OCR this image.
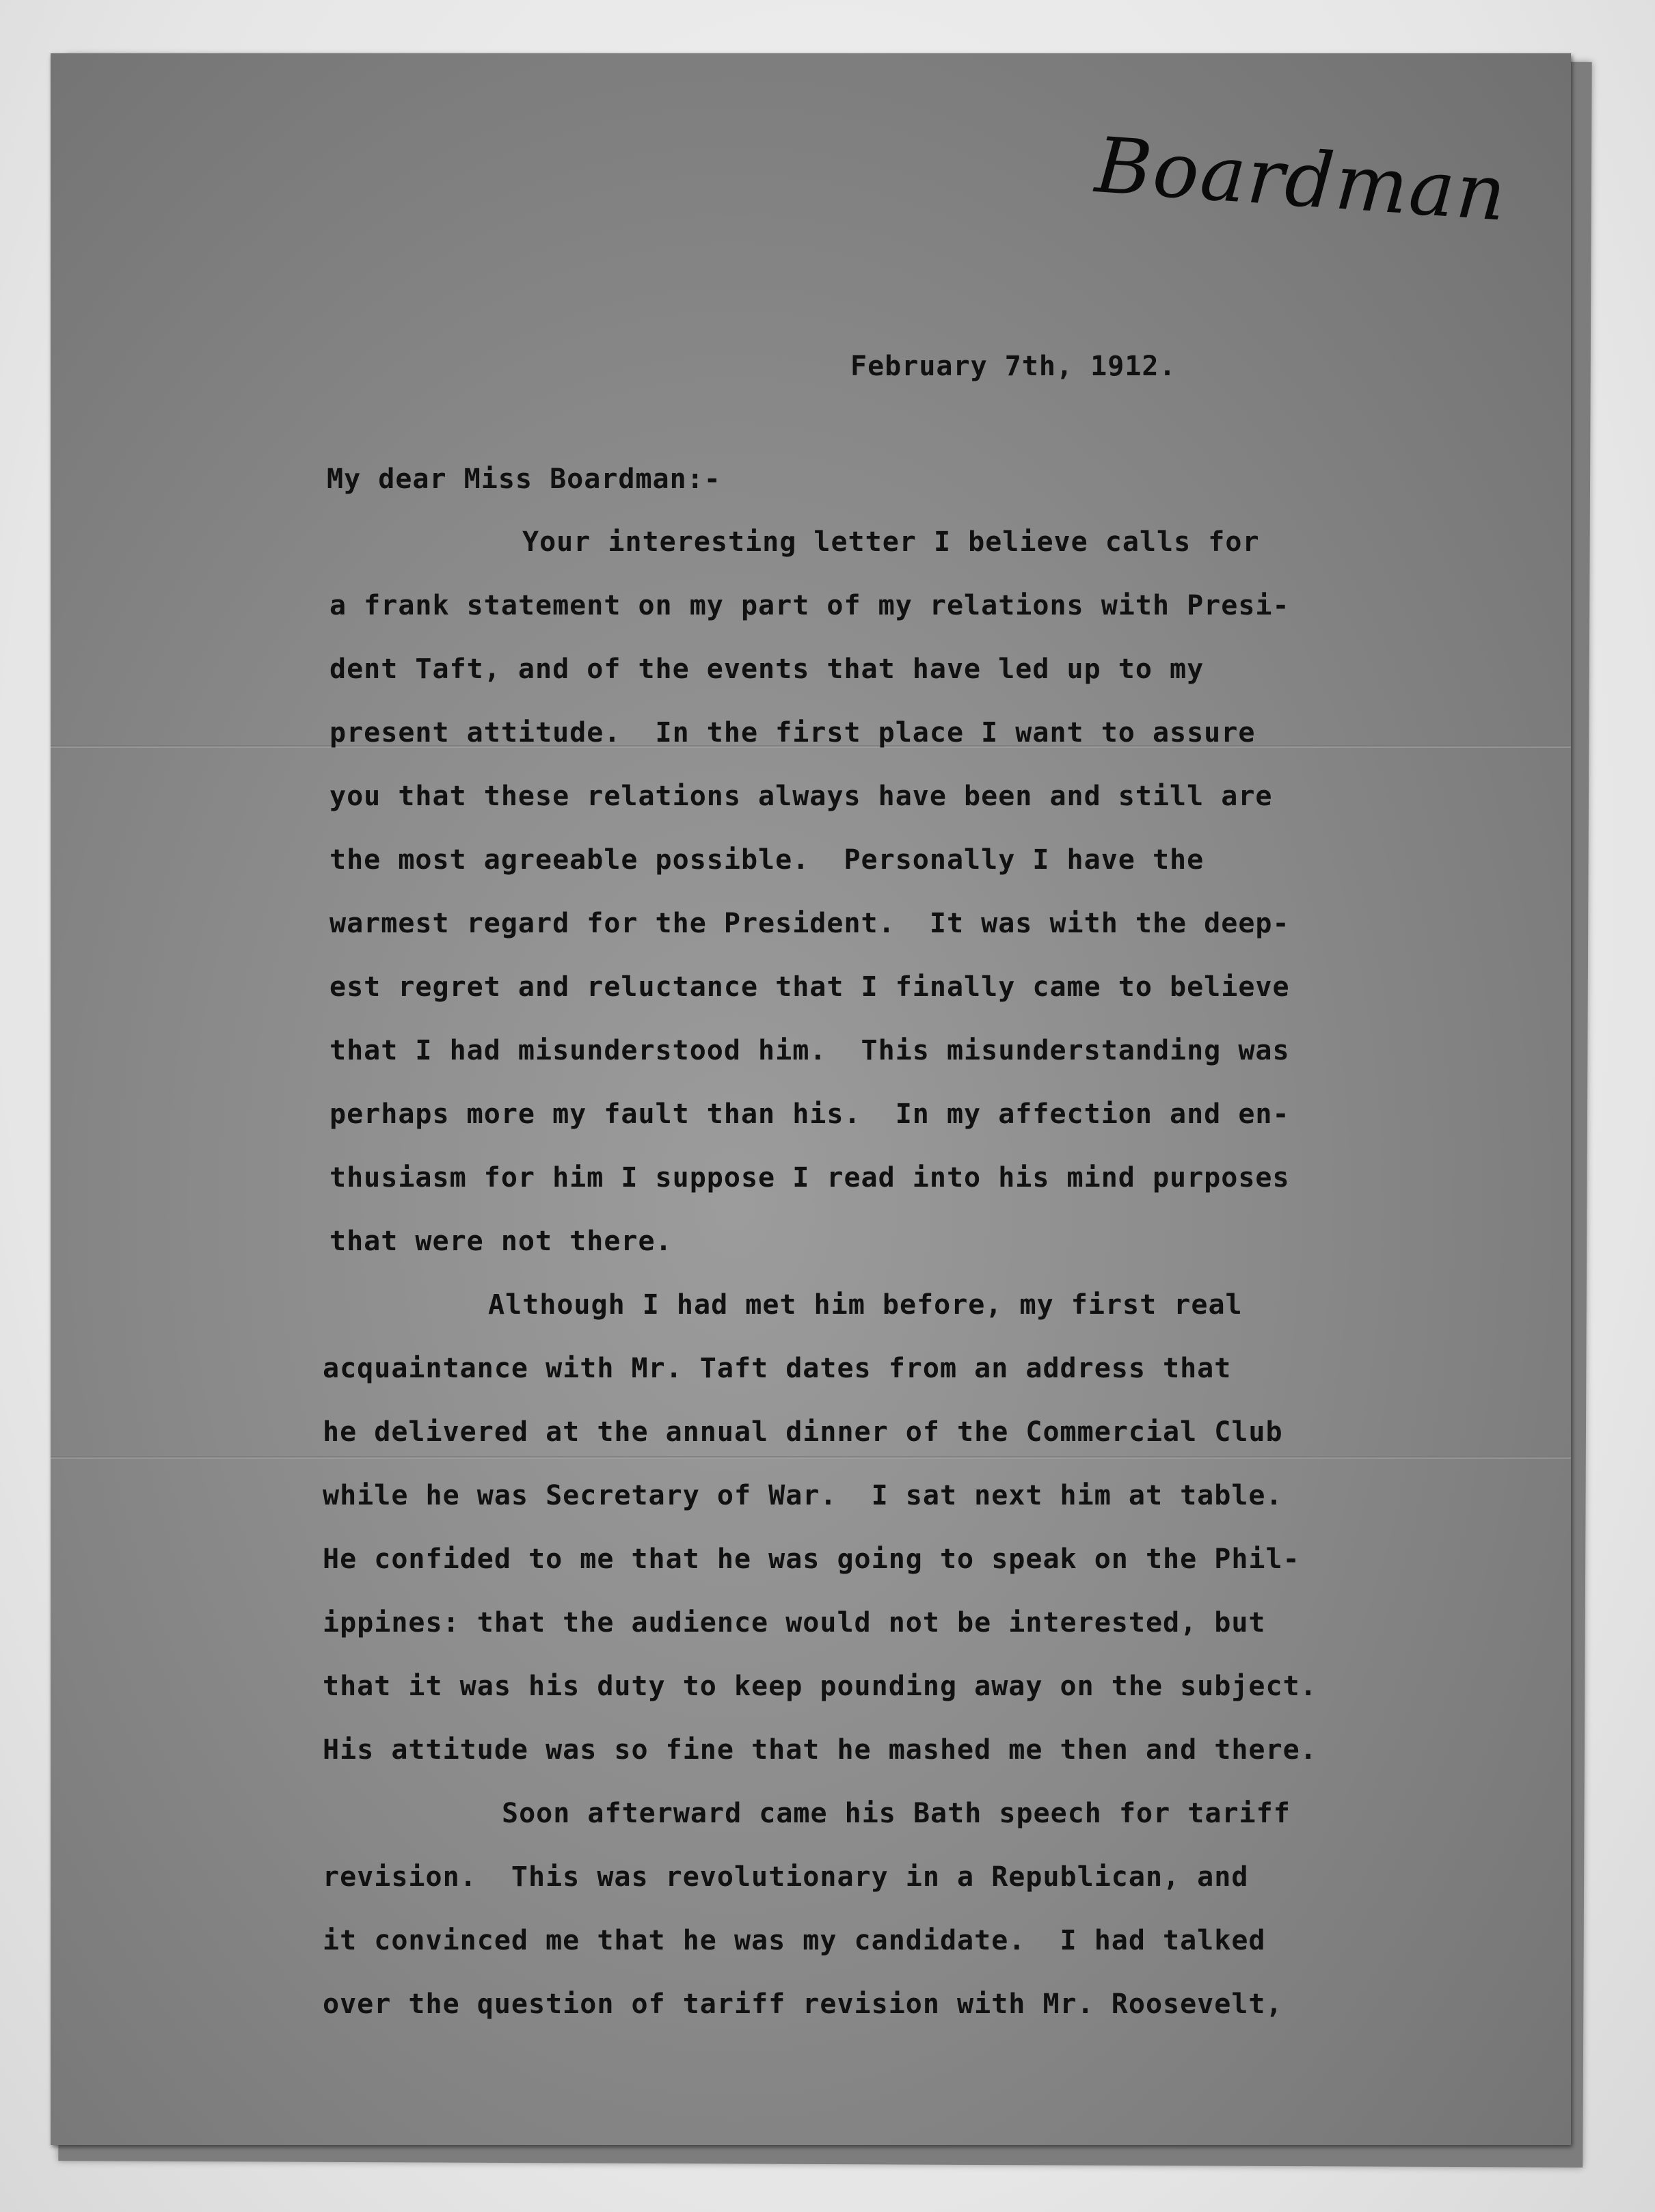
Boardman

February 7th, 1912.

My dear Miss Boardman:-

Your interesting letter I believe calls for

a frank statement on my part of my relations with Presi-

dent Taft, and of the events that have led up to my

present attitude.  In the first place I want to assure

you that these relations always have been and still are

the most agreeable possible.  Personally I have the

warmest regard for the President.  It was with the deep-

est regret and reluctance that I finally came to believe

that I had misunderstood him.  This misunderstanding was

perhaps more my fault than his.  In my affection and en-

thusiasm for him I suppose I read into his mind purposes

that were not there.

Although I had met him before, my first real

acquaintance with Mr. Taft dates from an address that

he delivered at the annual dinner of the Commercial Club

while he was Secretary of War.  I sat next him at table.

He confided to me that he was going to speak on the Phil-

ippines: that the audience would not be interested, but

that it was his duty to keep pounding away on the subject.

His attitude was so fine that he mashed me then and there.

Soon afterward came his Bath speech for tariff

revision.  This was revolutionary in a Republican, and

it convinced me that he was my candidate.  I had talked

over the question of tariff revision with Mr. Roosevelt,
